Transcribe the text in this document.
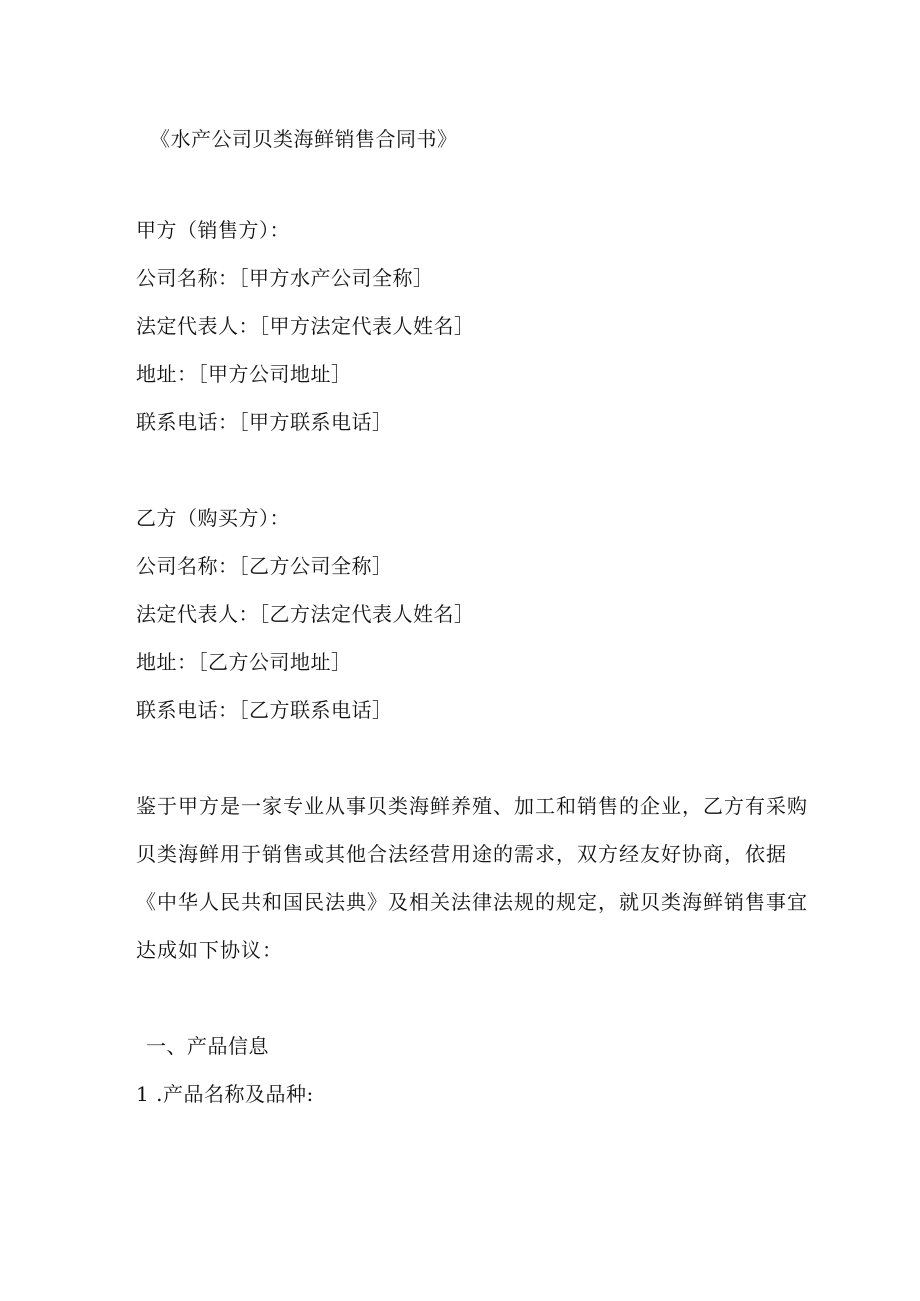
《水产公司贝类海鲜销售合同书》

甲方（销售方）：

公司名称：［甲方水产公司全称］

法定代表人：［甲方法定代表人姓名］

地址：［甲方公司地址］

联系电话：［甲方联系电话］

乙方（购买方）：

公司名称：［乙方公司全称］

法定代表人：［乙方法定代表人姓名］

地址：［乙方公司地址］

联系电话：［乙方联系电话］

鉴于甲方是一家专业从事贝类海鲜养殖、加工和销售的企业，乙方有采购

贝类海鲜用于销售或其他合法经营用途的需求，双方经友好协商，依据

《中华人民共和国民法典》及相关法律法规的规定，就贝类海鲜销售事宜

达成如下协议：

一、产品信息

1 .产品名称及品种:
